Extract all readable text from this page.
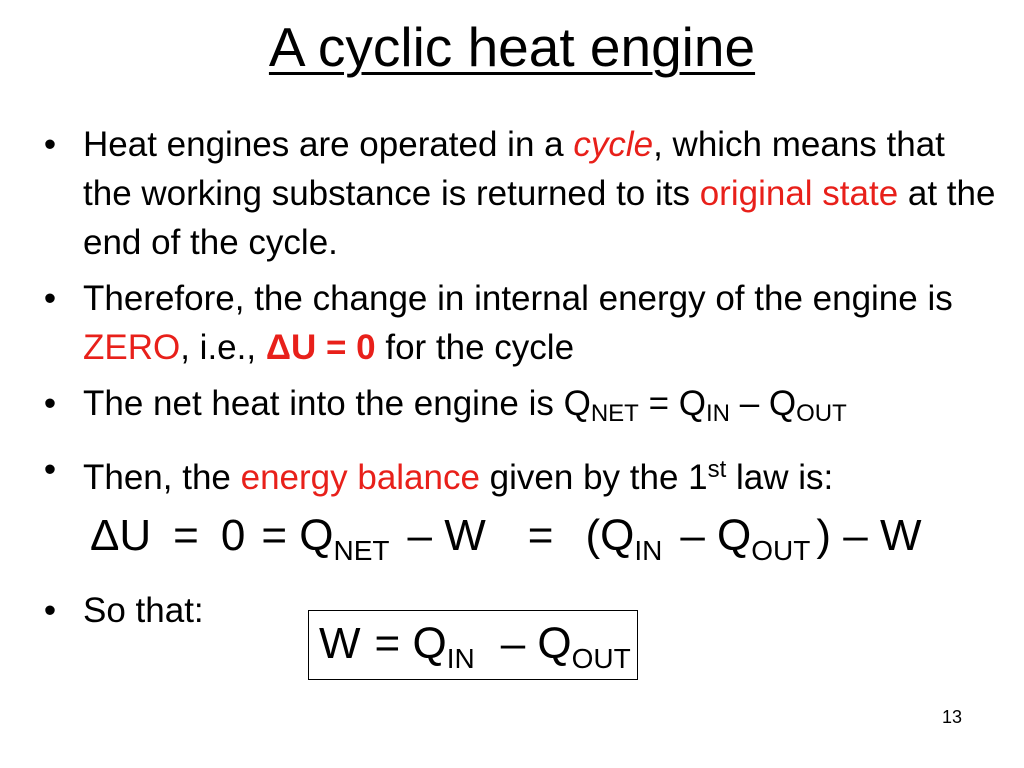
A cyclic heat engine
• Heat engines are operated in a cycle, which means that the working substance is returned to its original state at the end of the cycle.
• Therefore, the change in internal energy of the engine is ZERO, i.e., ΔU = 0 for the cycle
• The net heat into the engine is $Q_{NET} = Q_{IN} - Q_{OUT}$
• Then, the energy balance given by the 1st law is:
$\Delta U = 0 = Q_{NET} - W = (Q_{IN} - Q_{OUT}$ ) – W
• So that:
$W = Q_{IN} - Q_{OUT}$
13
